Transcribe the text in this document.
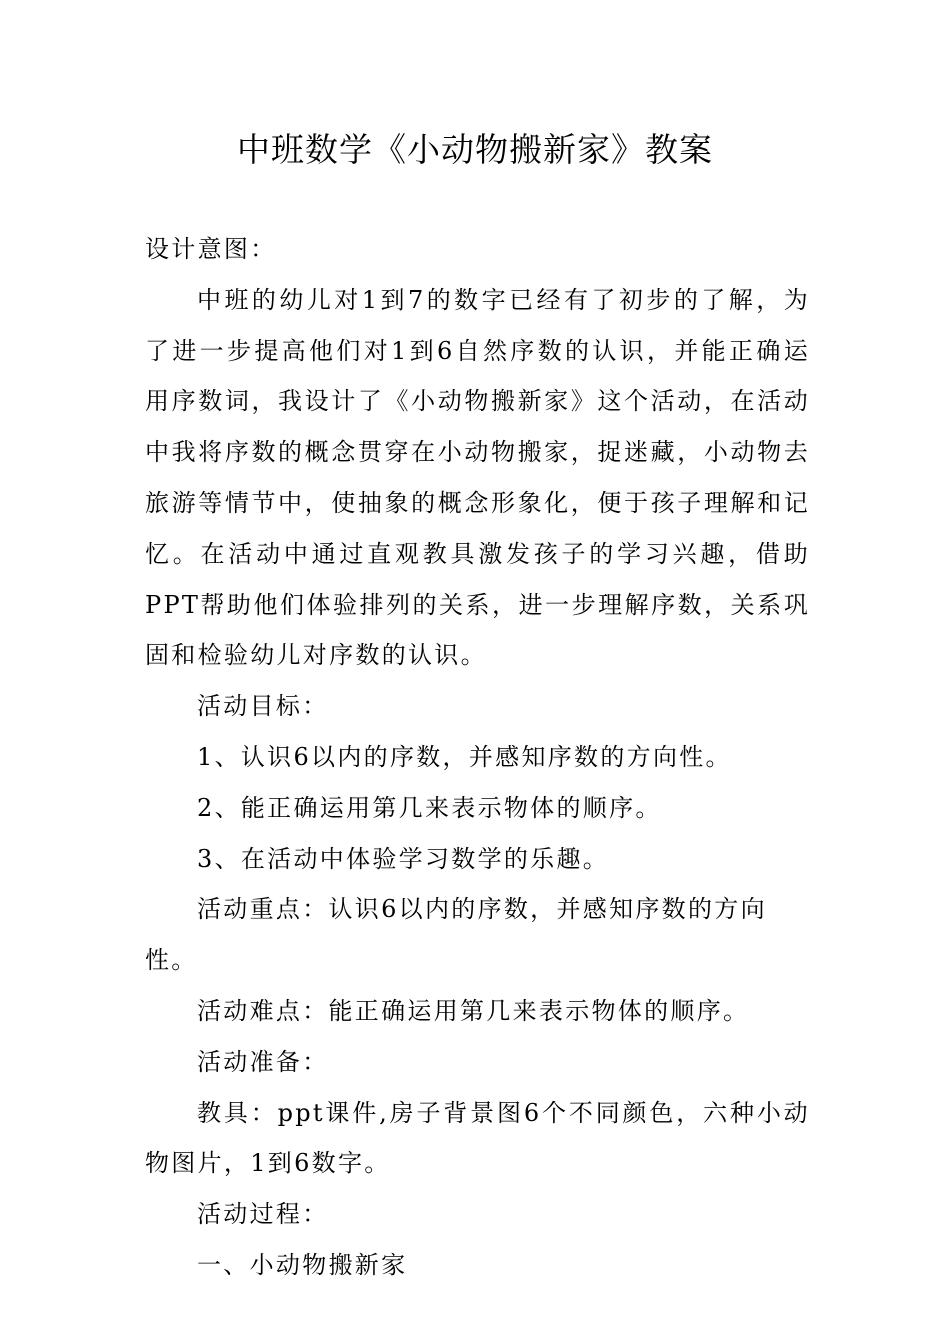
中班数学《小动物搬新家》教案

设计意图：

中班的幼儿对1到7的数字已经有了初步的了解，为了进一步提高他们对1到6自然序数的认识，并能正确运用序数词，我设计了《小动物搬新家》这个活动，在活动中我将序数的概念贯穿在小动物搬家，捉迷藏，小动物去旅游等情节中，使抽象的概念形象化，便于孩子理解和记忆。在活动中通过直观教具激发孩子的学习兴趣，借助PPT帮助他们体验排列的关系，进一步理解序数，关系巩固和检验幼儿对序数的认识。

活动目标：

1、认识6以内的序数，并感知序数的方向性。

2、能正确运用第几来表示物体的顺序。

3、在活动中体验学习数学的乐趣。

活动重点：认识6以内的序数，并感知序数的方向性。

活动难点：能正确运用第几来表示物体的顺序。

活动准备：

教具：ppt课件,房子背景图6个不同颜色，六种小动物图片，1到6数字。

活动过程：

一、小动物搬新家
